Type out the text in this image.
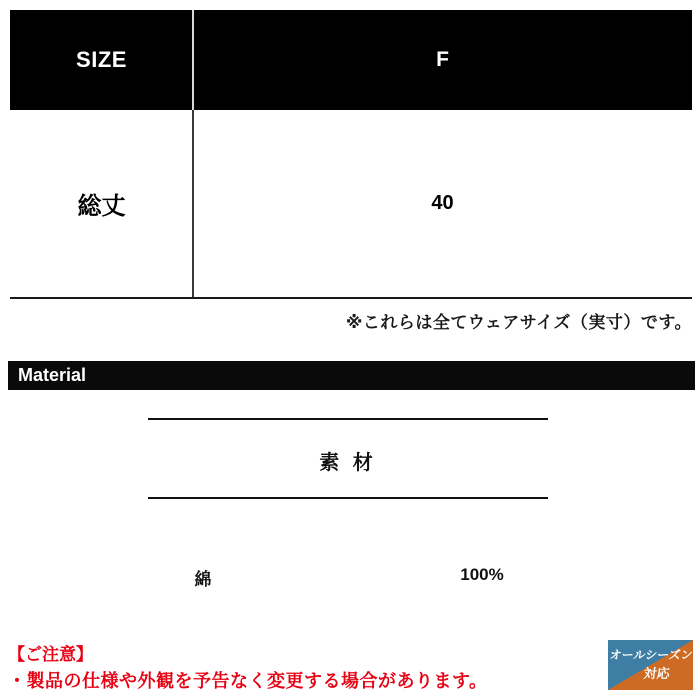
SIZE	F
総丈	40
※これらは全てウェアサイズ（実寸）です。
Material
素 材
綿	100%
【ご注意】
・製品の仕様や外観を予告なく変更する場合があります。
オールシーズン
対応
